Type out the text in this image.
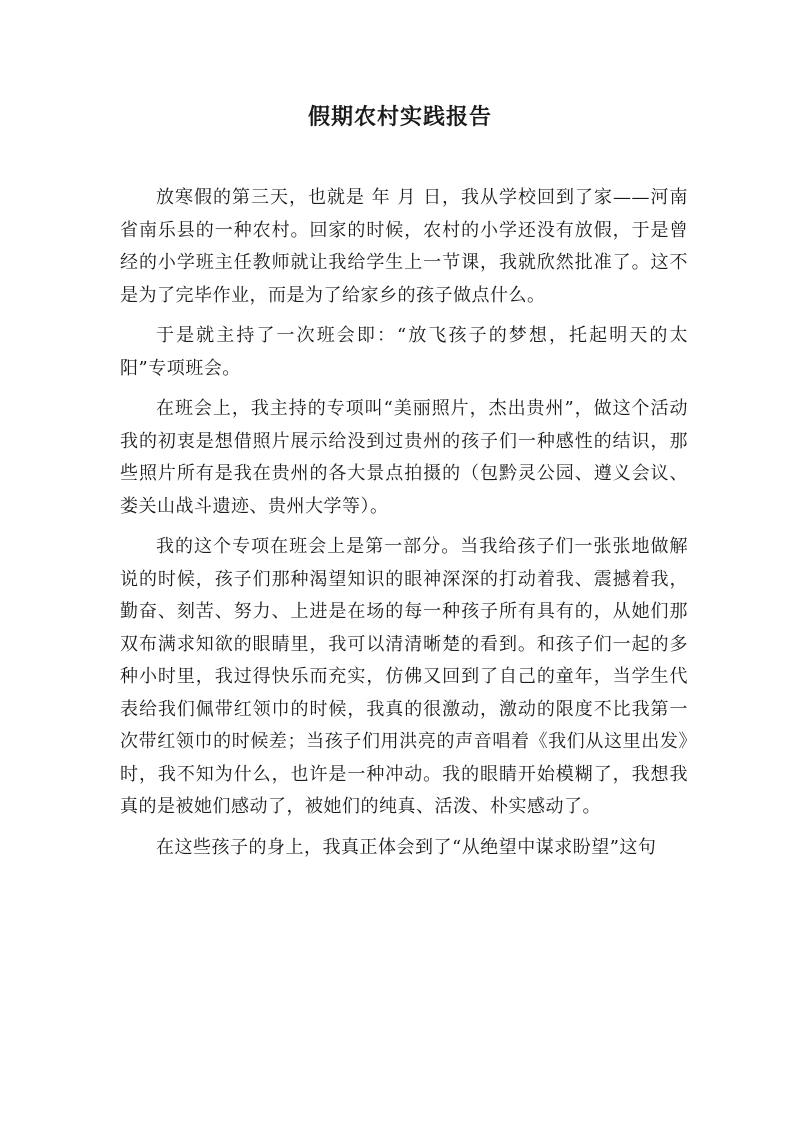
假期农村实践报告

放寒假的第三天，也就是 年 月 日，我从学校回到了家——河南省南乐县的一种农村。回家的时候，农村的小学还没有放假，于是曾经的小学班主任教师就让我给学生上一节课，我就欣然批准了。这不是为了完毕作业，而是为了给家乡的孩子做点什么。

于是就主持了一次班会即：“放飞孩子的梦想，托起明天的太阳”专项班会。

在班会上，我主持的专项叫“美丽照片，杰出贵州”，做这个活动我的初衷是想借照片展示给没到过贵州的孩子们一种感性的结识，那些照片所有是我在贵州的各大景点拍摄的（包黔灵公园、遵义会议、娄关山战斗遗迹、贵州大学等）。

我的这个专项在班会上是第一部分。当我给孩子们一张张地做解说的时候，孩子们那种渴望知识的眼神深深的打动着我、震撼着我，勤奋、刻苦、努力、上进是在场的每一种孩子所有具有的，从她们那双布满求知欲的眼睛里，我可以清清晰楚的看到。和孩子们一起的多种小时里，我过得快乐而充实，仿佛又回到了自己的童年，当学生代表给我们佩带红领巾的时候，我真的很激动，激动的限度不比我第一次带红领巾的时候差；当孩子们用洪亮的声音唱着《我们从这里出发》时，我不知为什么，也许是一种冲动。我的眼睛开始模糊了，我想我真的是被她们感动了，被她们的纯真、活泼、朴实感动了。

在这些孩子的身上，我真正体会到了“从绝望中谋求盼望”这句
